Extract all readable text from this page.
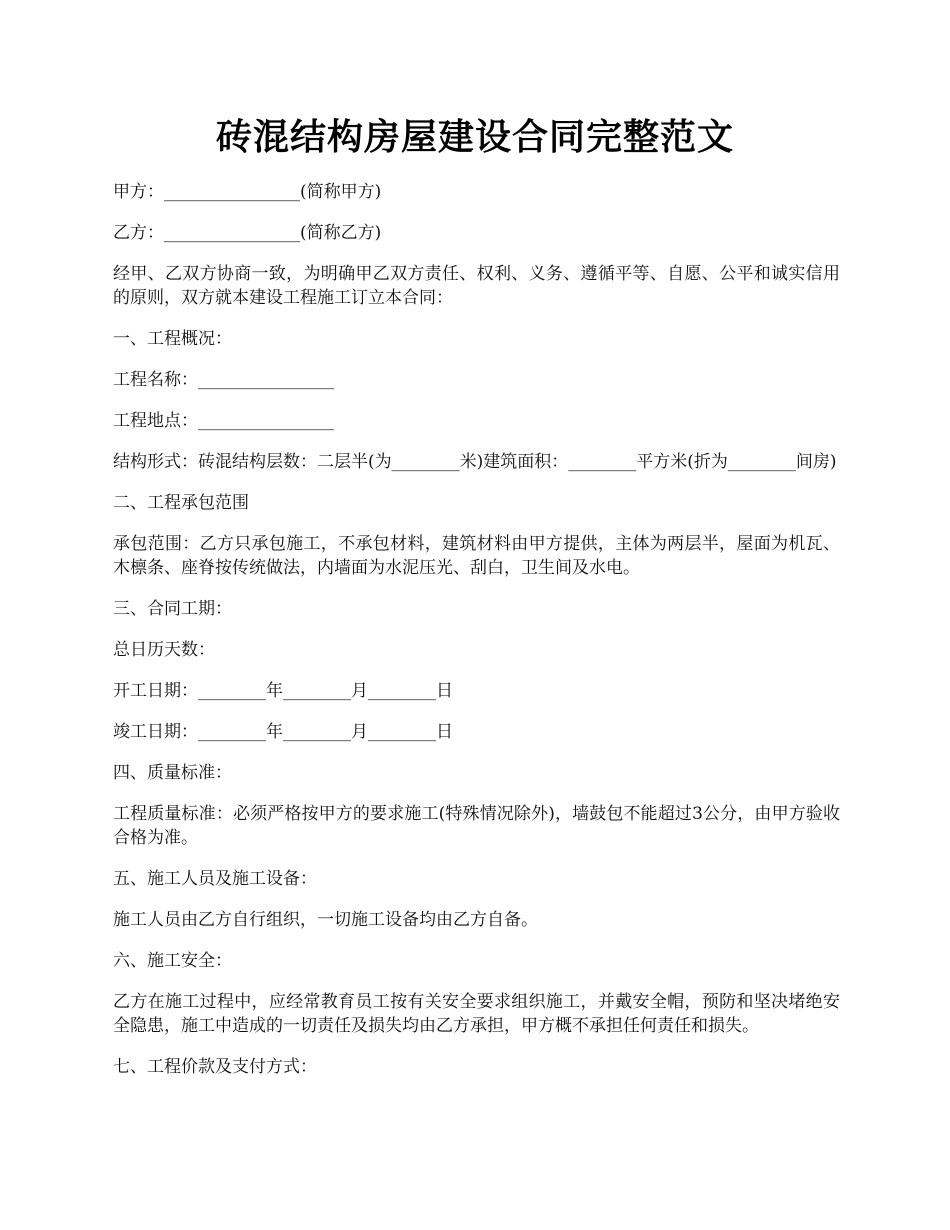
砖混结构房屋建设合同完整范文

甲方：________________(简称甲方)

乙方：________________(简称乙方)

经甲、乙双方协商一致，为明确甲乙双方责任、权利、义务、遵循平等、自愿、公平和诚实信用的原则，双方就本建设工程施工订立本合同：

一、工程概况：

工程名称：________________

工程地点：________________

结构形式：砖混结构层数：二层半(为________米)建筑面积：________平方米(折为________间房)

二、工程承包范围

承包范围：乙方只承包施工，不承包材料，建筑材料由甲方提供，主体为两层半，屋面为机瓦、木檩条、座脊按传统做法，内墙面为水泥压光、刮白，卫生间及水电。

三、合同工期：

总日历天数：

开工日期：________年________月________日

竣工日期：________年________月________日

四、质量标准：

工程质量标准：必须严格按甲方的要求施工(特殊情况除外)，墙鼓包不能超过3公分，由甲方验收合格为准。

五、施工人员及施工设备：

施工人员由乙方自行组织，一切施工设备均由乙方自备。

六、施工安全：

乙方在施工过程中，应经常教育员工按有关安全要求组织施工，并戴安全帽，预防和坚决堵绝安全隐患，施工中造成的一切责任及损失均由乙方承担，甲方概不承担任何责任和损失。

七、工程价款及支付方式：
